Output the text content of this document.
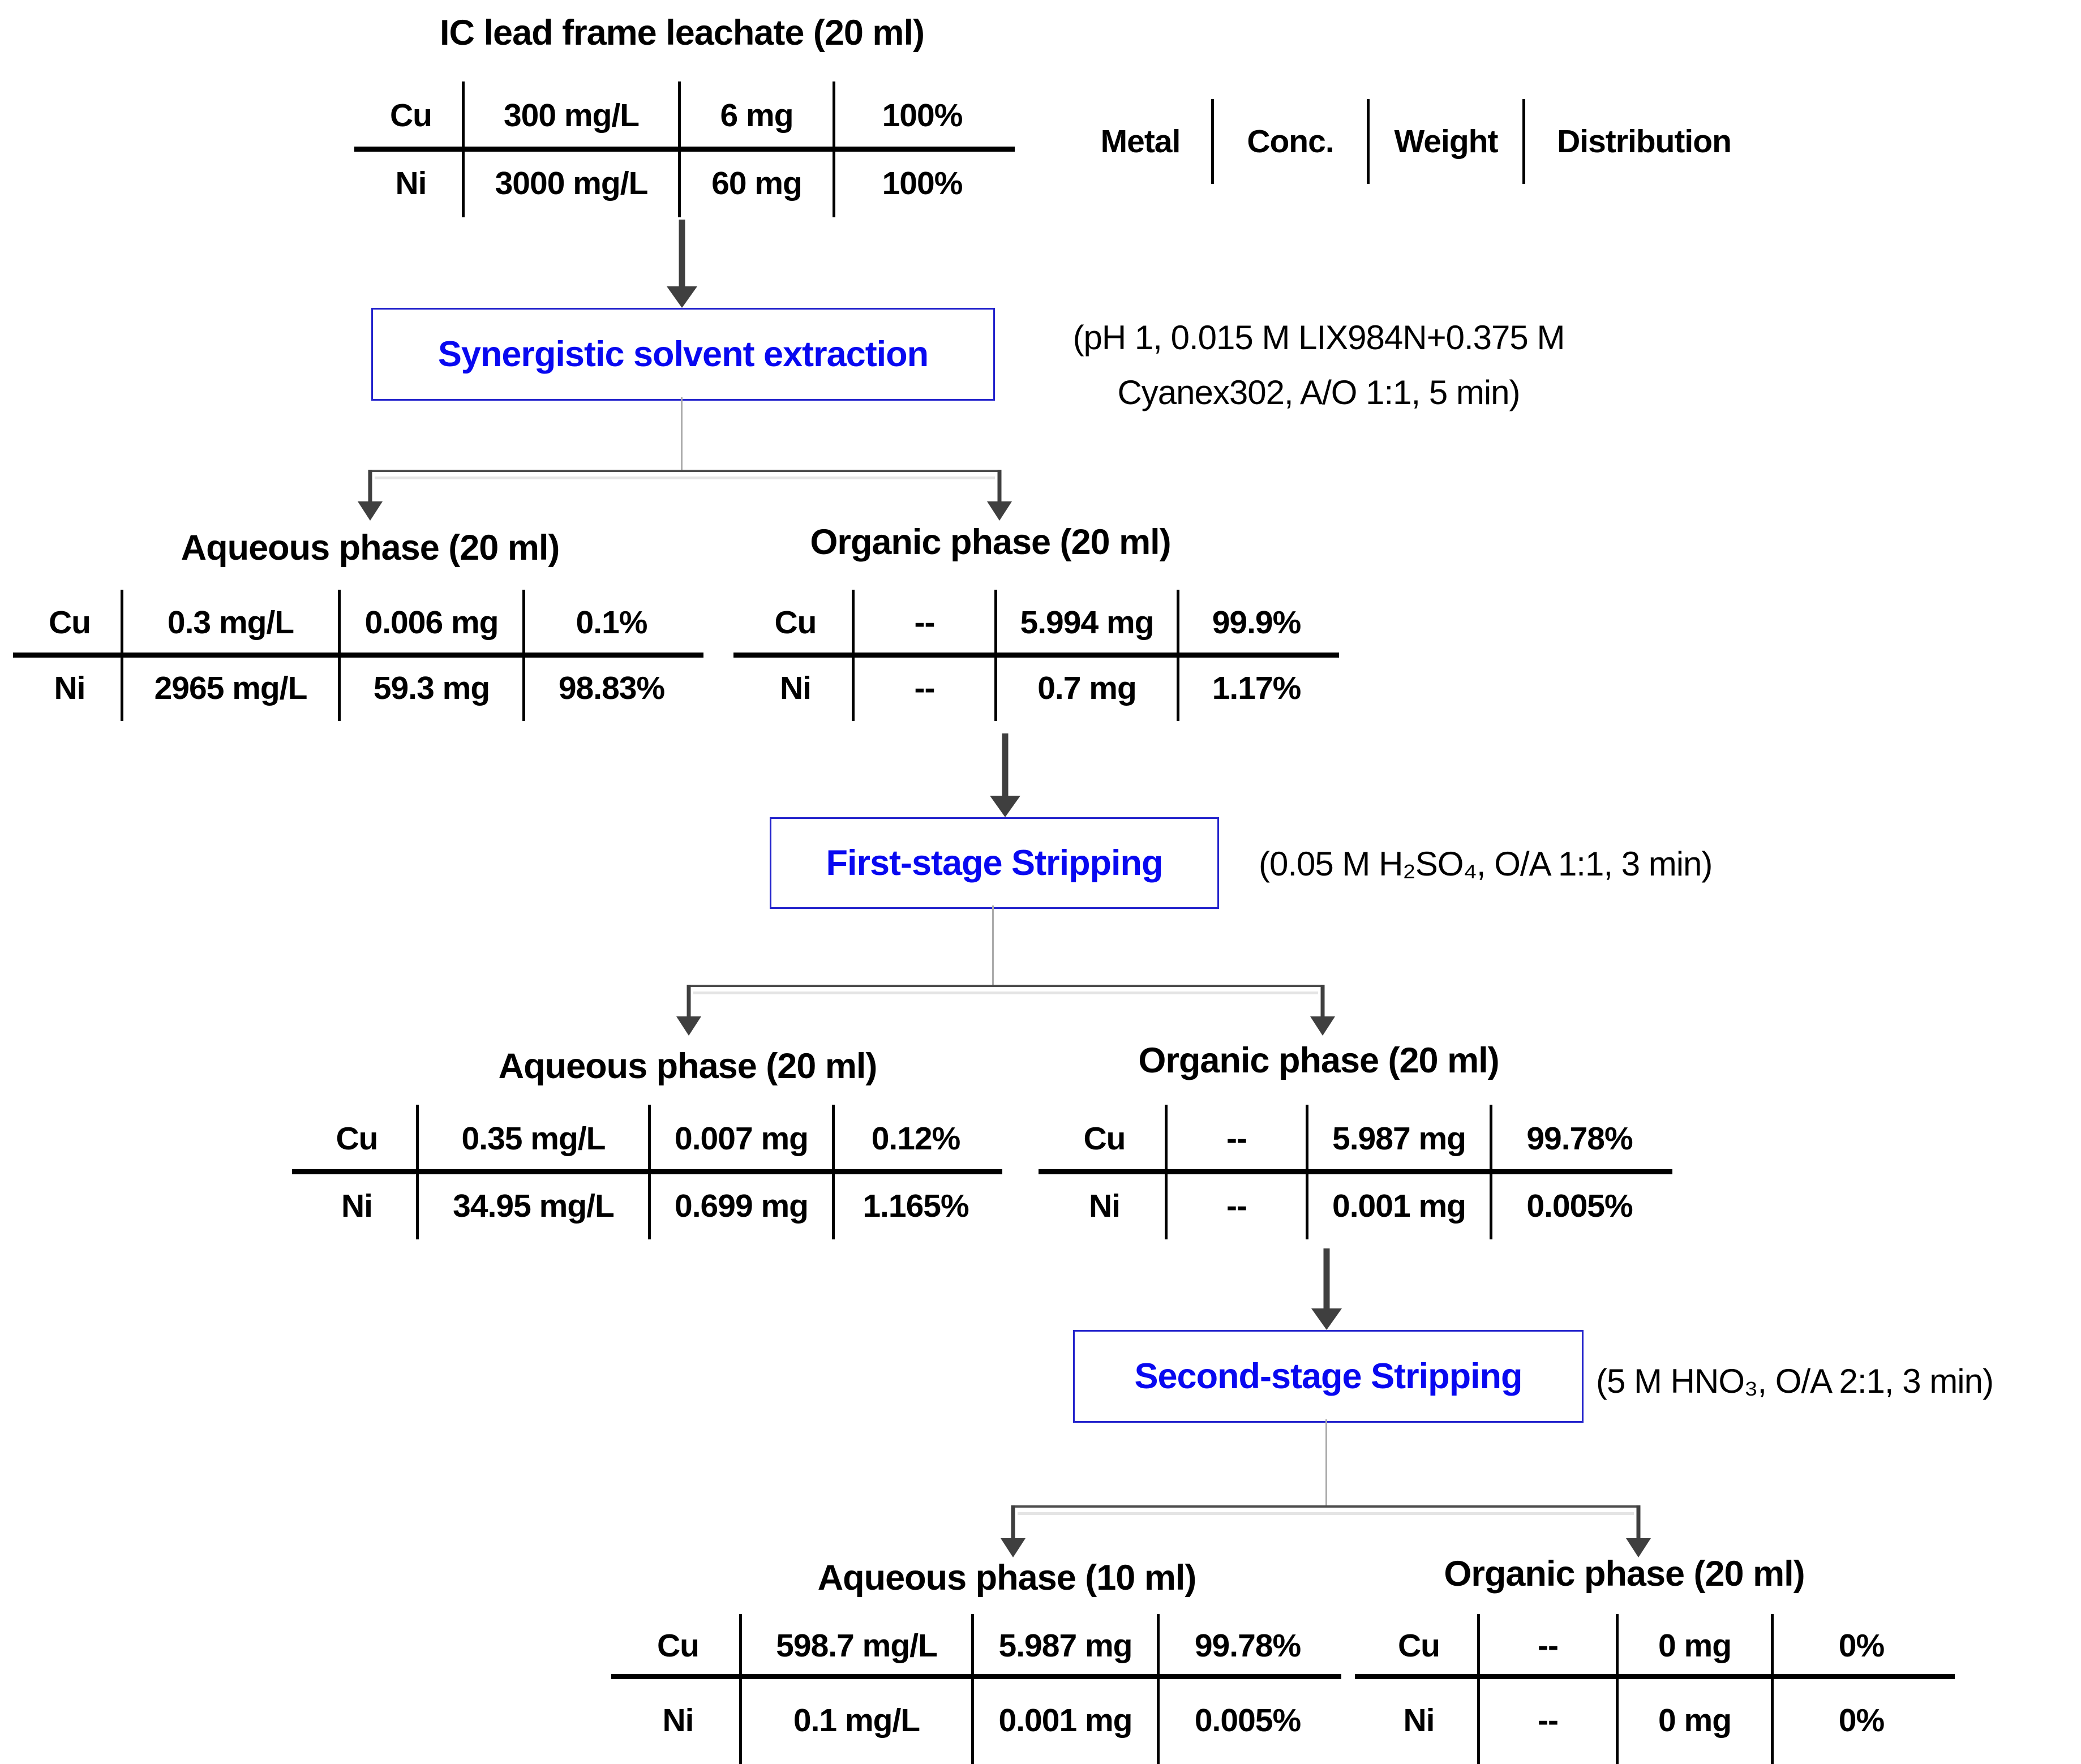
IC lead frame leachate (20 ml)
Cu	300 mg/L	6 mg	100%
Ni	3000 mg/L	60 mg	100%
Metal	Conc.	Weight	Distribution
Synergistic solvent extraction	(pH 1, 0.015 M LIX984N+0.375 M
Cyanex302, A/O 1:1, 5 min)
Aqueous phase (20 ml)
Cu	0.3 mg/L	0.006 mg	0.1%
Ni	2965 mg/L	59.3 mg	98.83%
Organic phase (20 ml)
Cu	--	5.994 mg	99.9%
Ni	--	0.7 mg	1.17%
First-stage Stripping	(0.05 M H₂SO₄, O/A 1:1, 3 min)
Aqueous phase (20 ml)
Cu	0.35 mg/L	0.007 mg	0.12%
Ni	34.95 mg/L	0.699 mg	1.165%
Organic phase (20 ml)
Cu	--	5.987 mg	99.78%
Ni	--	0.001 mg	0.005%
Second-stage Stripping (5 M HNO₃, O/A 2:1, 3 min)
Aqueous phase (10 ml)
Cu	598.7 mg/L	5.987 mg	99.78%
Ni	0.1 mg/L	0.001 mg	0.005%
Organic phase (20 ml)
Cu	--	0 mg	0%
Ni	--	0 mg	0%
